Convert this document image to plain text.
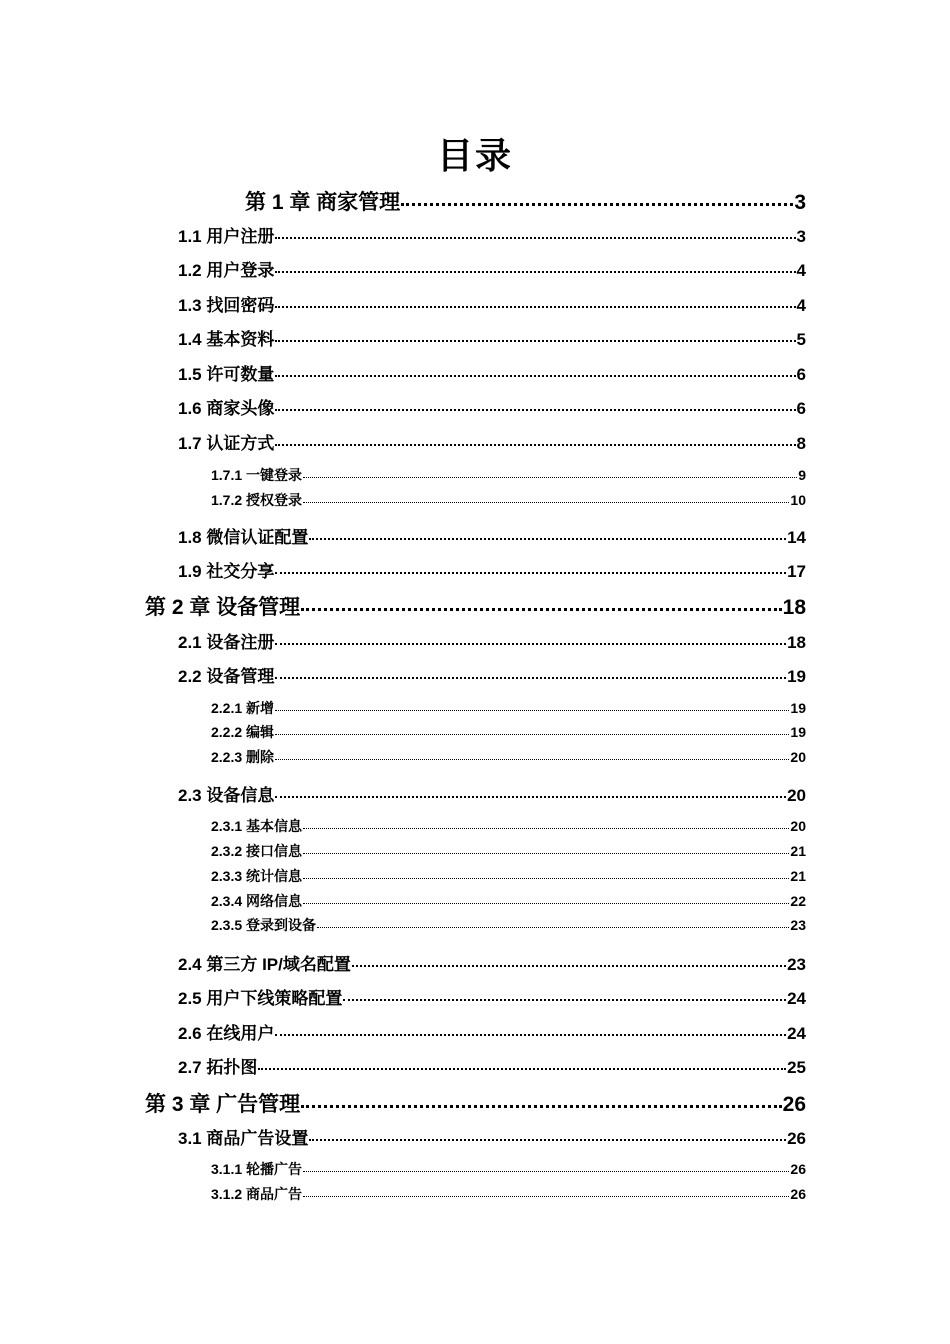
目录
第 1 章 商家管理	3
1.1 用户注册	3
1.2 用户登录	4
1.3 找回密码	4
1.4 基本资料	5
1.5 许可数量	6
1.6 商家头像	6
1.7 认证方式	8
1.7.1 一键登录	9
1.7.2 授权登录	10
1.8 微信认证配置	14
1.9 社交分享	17
第 2 章 设备管理	18
2.1 设备注册	18
2.2 设备管理	19
2.2.1 新增	19
2.2.2 编辑	19
2.2.3 删除	20
2.3 设备信息	20
2.3.1 基本信息	20
2.3.2 接口信息	21
2.3.3 统计信息	21
2.3.4 网络信息	22
2.3.5 登录到设备	23
2.4 第三方 IP/域名配置	23
2.5 用户下线策略配置	24
2.6 在线用户	24
2.7 拓扑图	25
第 3 章 广告管理	26
3.1 商品广告设置	26
3.1.1 轮播广告	26
3.1.2 商品广告	26
